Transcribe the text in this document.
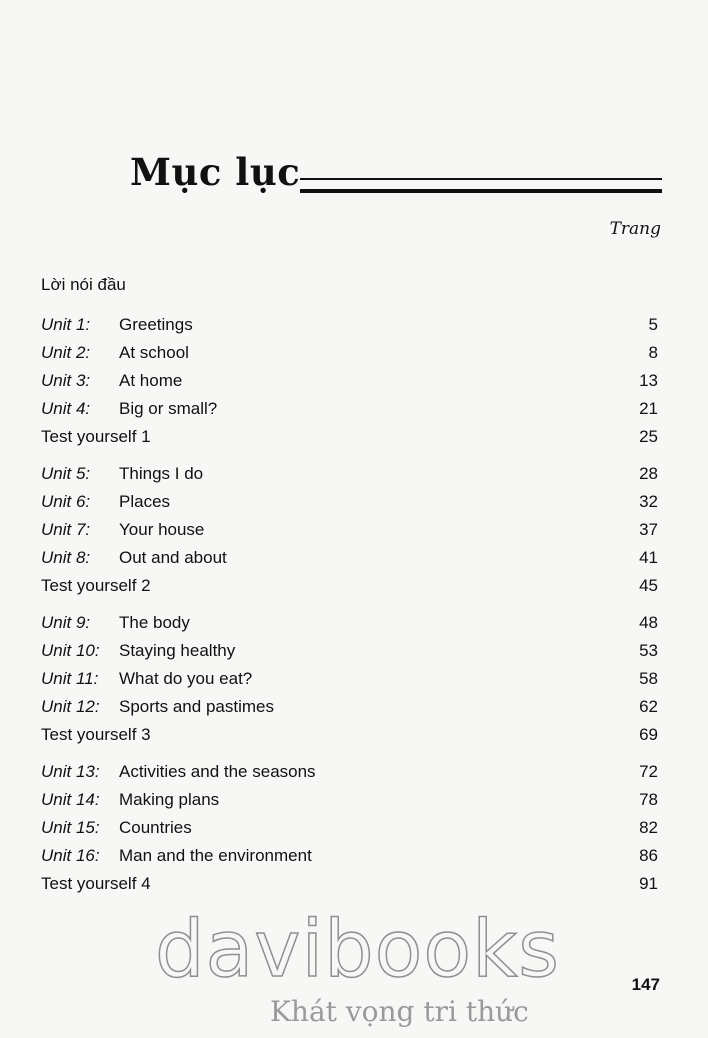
Mục lục
Trang
Lời nói đầu
Unit 1: Greetings	5
Unit 2: At school	8
Unit 3: At home	13
Unit 4: Big or small?	21
Test yourself 1	25
Unit 5: Things I do	28
Unit 6: Places	32
Unit 7: Your house	37
Unit 8: Out and about	41
Test yourself 2	45
Unit 9: The body	48
Unit 10: Staying healthy	53
Unit 11: What do you eat?	58
Unit 12: Sports and pastimes	62
Test yourself 3	69
Unit 13: Activities and the seasons	72
Unit 14: Making plans	78
Unit 15: Countries	82
Unit 16: Man and the environment	86
Test yourself 4	91
147
davibooks
Khát vọng tri thức
